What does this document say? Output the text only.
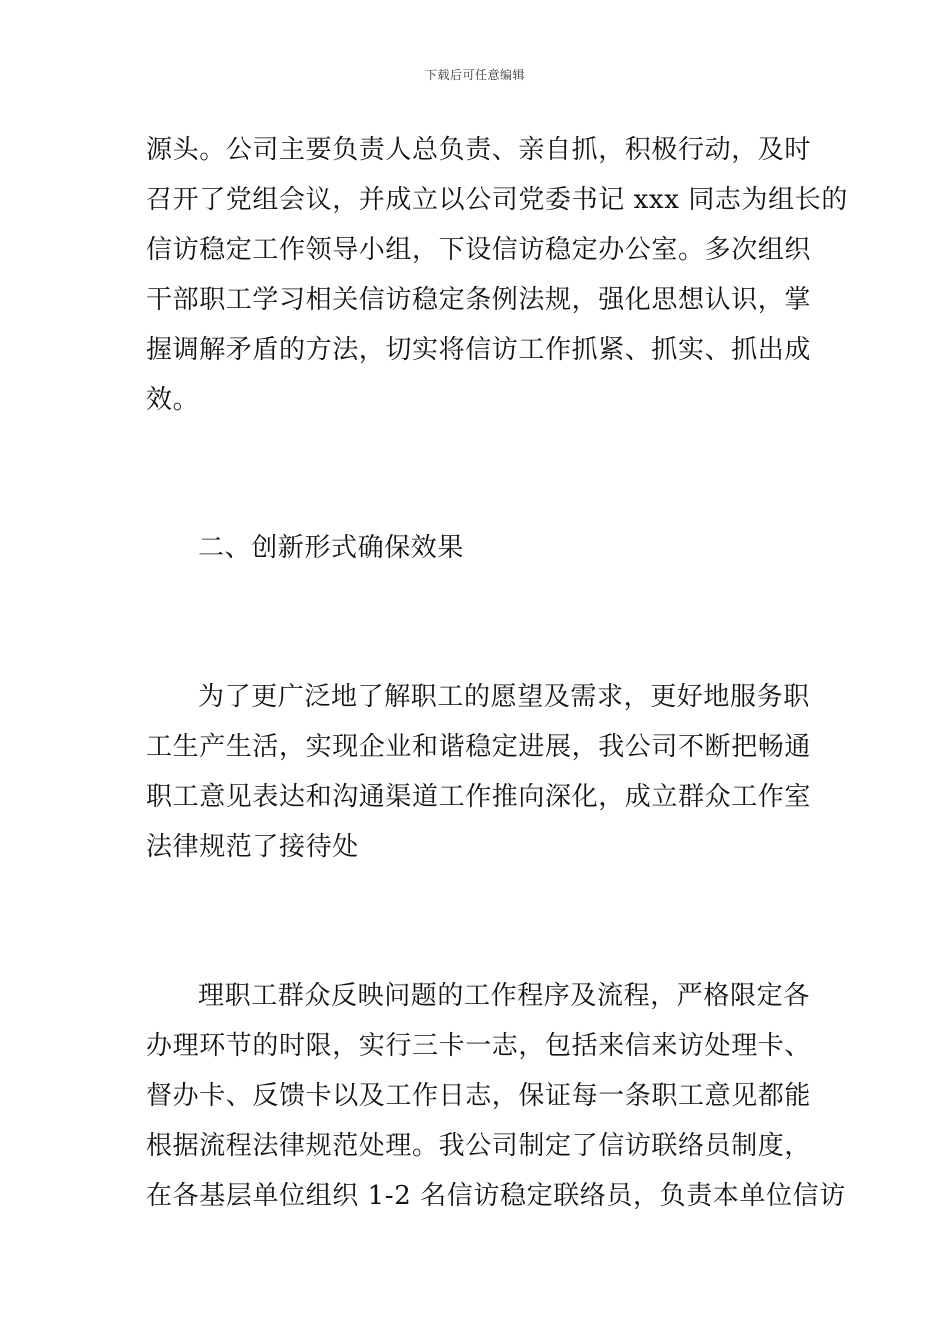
下载后可任意编辑
源头。公司主要负责人总负责、亲自抓，积极行动，及时
召开了党组会议，并成立以公司党委书记 xxx 同志为组长的
信访稳定工作领导小组，下设信访稳定办公室。多次组织
干部职工学习相关信访稳定条例法规，强化思想认识，掌
握调解矛盾的方法，切实将信访工作抓紧、抓实、抓出成
效。
二、创新形式确保效果
为了更广泛地了解职工的愿望及需求，更好地服务职
工生产生活，实现企业和谐稳定进展，我公司不断把畅通
职工意见表达和沟通渠道工作推向深化，成立群众工作室
法律规范了接待处
理职工群众反映问题的工作程序及流程，严格限定各
办理环节的时限，实行三卡一志，包括来信来访处理卡、
督办卡、反馈卡以及工作日志，保证每一条职工意见都能
根据流程法律规范处理。我公司制定了信访联络员制度，
在各基层单位组织 1-2 名信访稳定联络员，负责本单位信访
